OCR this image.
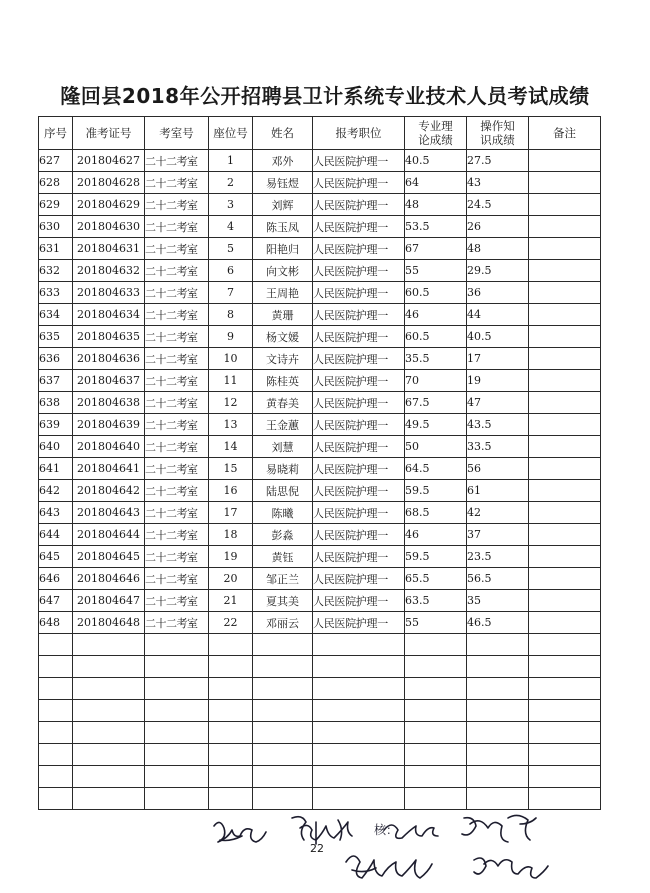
隆回县2018年公开招聘县卫计系统专业技术人员考试成绩
序号	准考证号	考室号	座位号	姓名	报考职位	专业理论成绩	操作知识成绩	备注
627	201804627	二十二考室	1	邓外	人民医院护理一	40.5	27.5	
628	201804628	二十二考室	2	易钰煜	人民医院护理一	64	43	
629	201804629	二十二考室	3	刘辉	人民医院护理一	48	24.5	
630	201804630	二十二考室	4	陈玉凤	人民医院护理一	53.5	26	
631	201804631	二十二考室	5	阳艳归	人民医院护理一	67	48	
632	201804632	二十二考室	6	向文彬	人民医院护理一	55	29.5	
633	201804633	二十二考室	7	王周艳	人民医院护理一	60.5	36	
634	201804634	二十二考室	8	黄珊	人民医院护理一	46	44	
635	201804635	二十二考室	9	杨文媛	人民医院护理一	60.5	40.5	
636	201804636	二十二考室	10	文诗卉	人民医院护理一	35.5	17	
637	201804637	二十二考室	11	陈桂英	人民医院护理一	70	19	
638	201804638	二十二考室	12	黄春美	人民医院护理一	67.5	47	
639	201804639	二十二考室	13	王金蕙	人民医院护理一	49.5	43.5	
640	201804640	二十二考室	14	刘慧	人民医院护理一	50	33.5	
641	201804641	二十二考室	15	易晓莉	人民医院护理一	64.5	56	
642	201804642	二十二考室	16	陆思倪	人民医院护理一	59.5	61	
643	201804643	二十二考室	17	陈曦	人民医院护理一	68.5	42	
644	201804644	二十二考室	18	彭淼	人民医院护理一	46	37	
645	201804645	二十二考室	19	黄钰	人民医院护理一	59.5	23.5	
646	201804646	二十二考室	20	邹正兰	人民医院护理一	65.5	56.5	
647	201804647	二十二考室	21	夏其美	人民医院护理一	63.5	35	
648	201804648	二十二考室	22	邓丽云	人民医院护理一	55	46.5	

核：
22
